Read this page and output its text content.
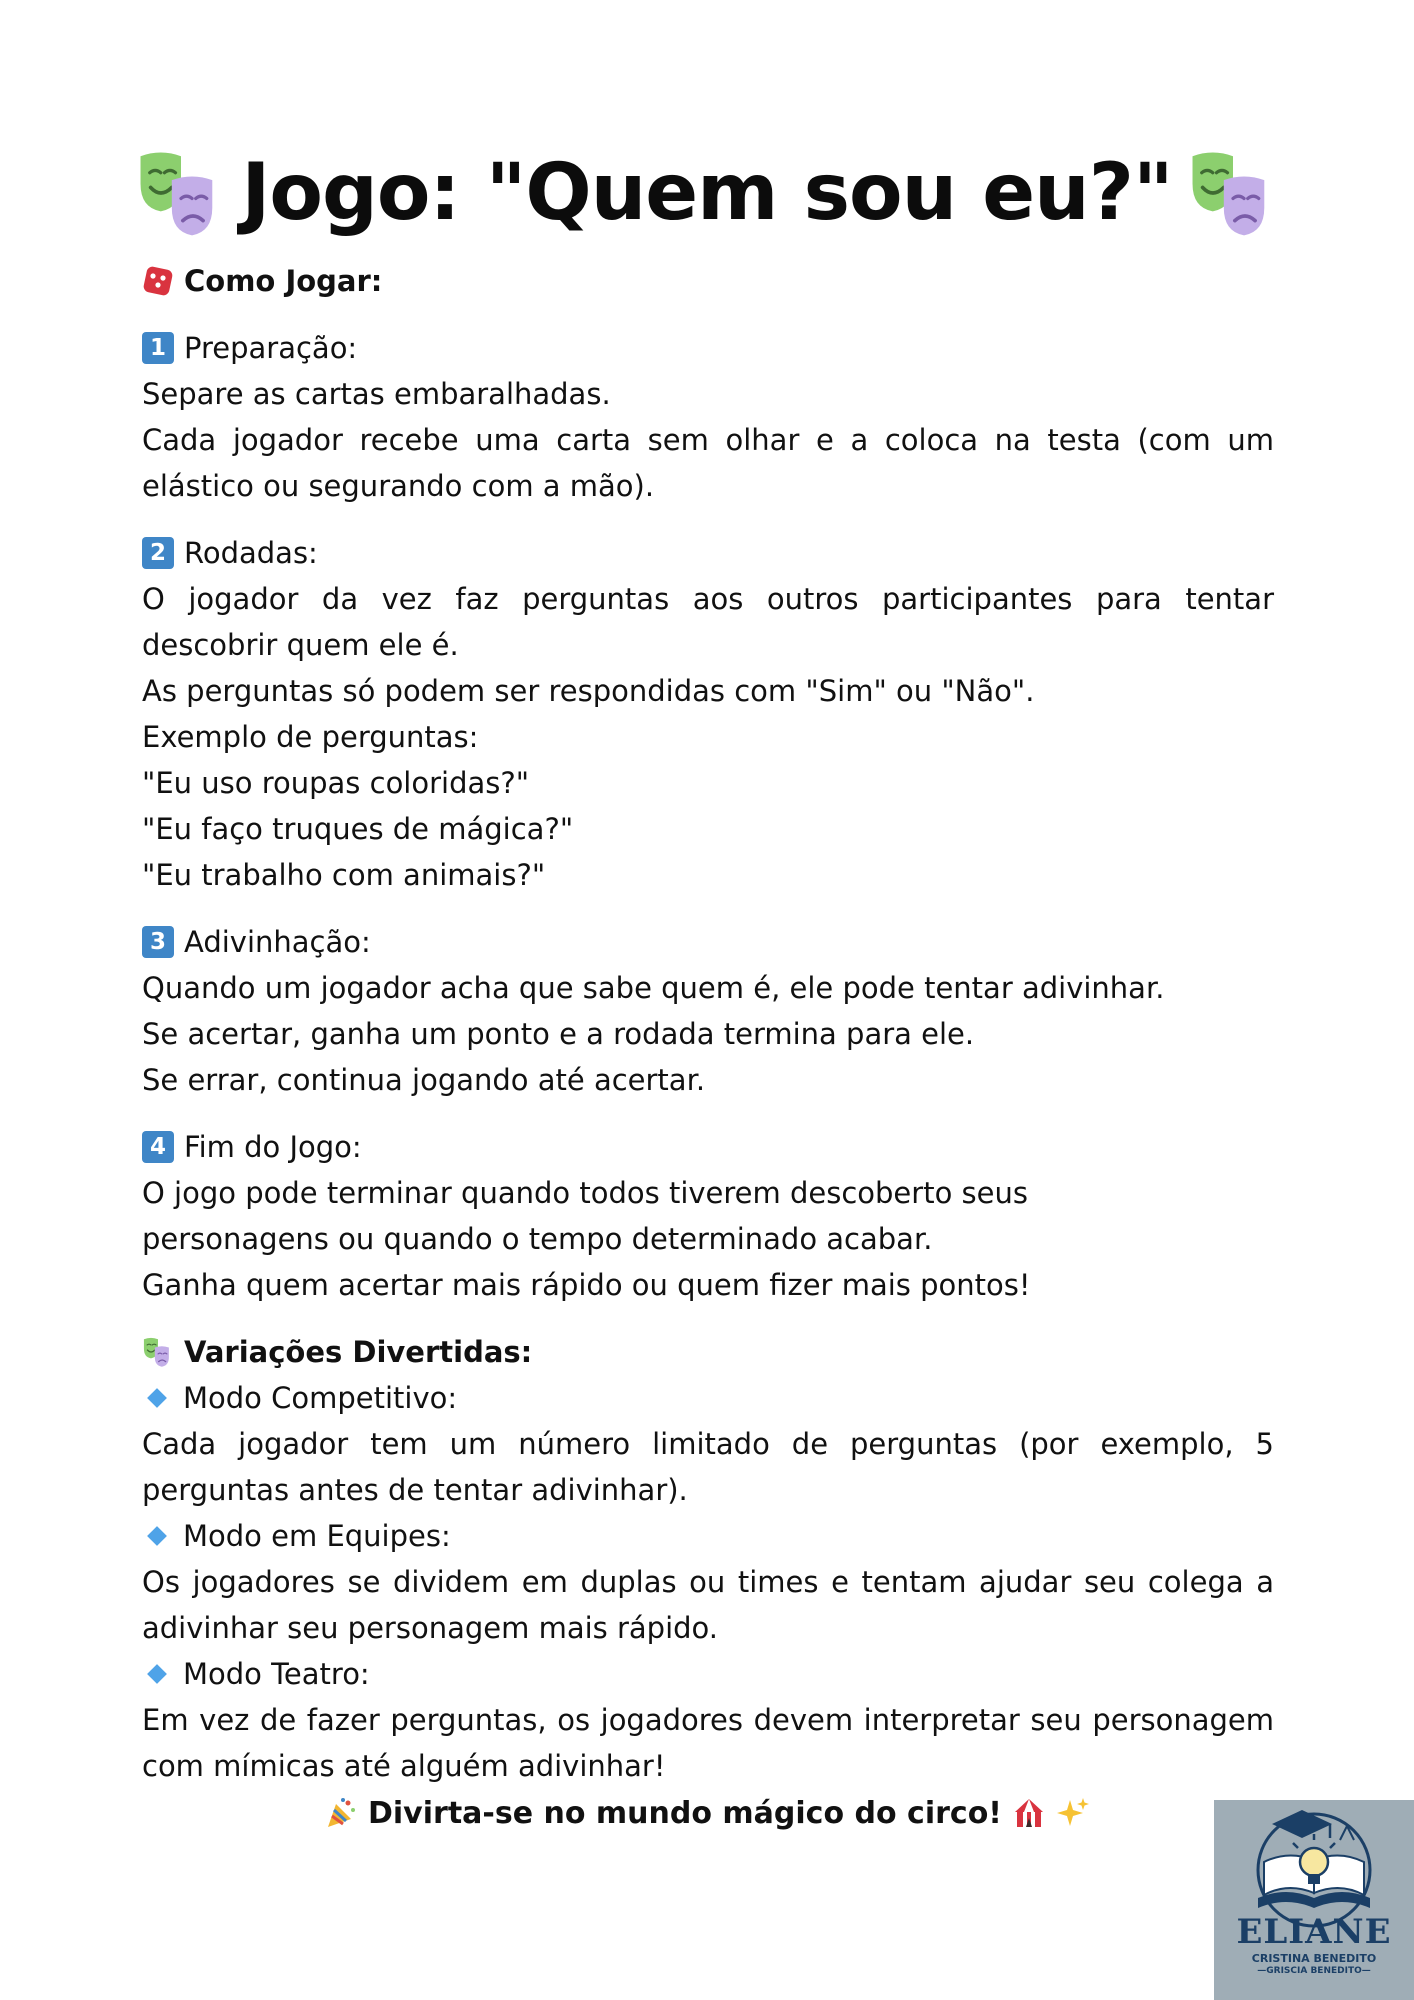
Jogo: "Quem sou eu?"
Como Jogar:
1 Preparação:

Separe as cartas embaralhadas.

Cada jogador recebe uma carta sem olhar e a coloca na testa (com um elástico ou segurando com a mão).

2 Rodadas:

O jogador da vez faz perguntas aos outros participantes para tentar descobrir quem ele é.

As perguntas só podem ser respondidas com "Sim" ou "Não".

Exemplo de perguntas:

"Eu uso roupas coloridas?"

"Eu faço truques de mágica?"

"Eu trabalho com animais?"

3 Adivinhação:

Quando um jogador acha que sabe quem é, ele pode tentar adivinhar.

Se acertar, ganha um ponto e a rodada termina para ele.

Se errar, continua jogando até acertar.

4 Fim do Jogo:

O jogo pode terminar quando todos tiverem descoberto seus

personagens ou quando o tempo determinado acabar.

Ganha quem acertar mais rápido ou quem fizer mais pontos!

Variações Divertidas:
Modo Competitivo:

Cada jogador tem um número limitado de perguntas (por exemplo, 5 perguntas antes de tentar adivinhar).

Modo em Equipes:

Os jogadores se dividem em duplas ou times e tentam ajudar seu colega a adivinhar seu personagem mais rápido.

Modo Teatro:

Em vez de fazer perguntas, os jogadores devem interpretar seu personagem com mímicas até alguém adivinhar!

Divirta-se no mundo mágico do circo!
ELIANE
CRISTINA BENEDITO
—GRISCIA BENEDITO—
